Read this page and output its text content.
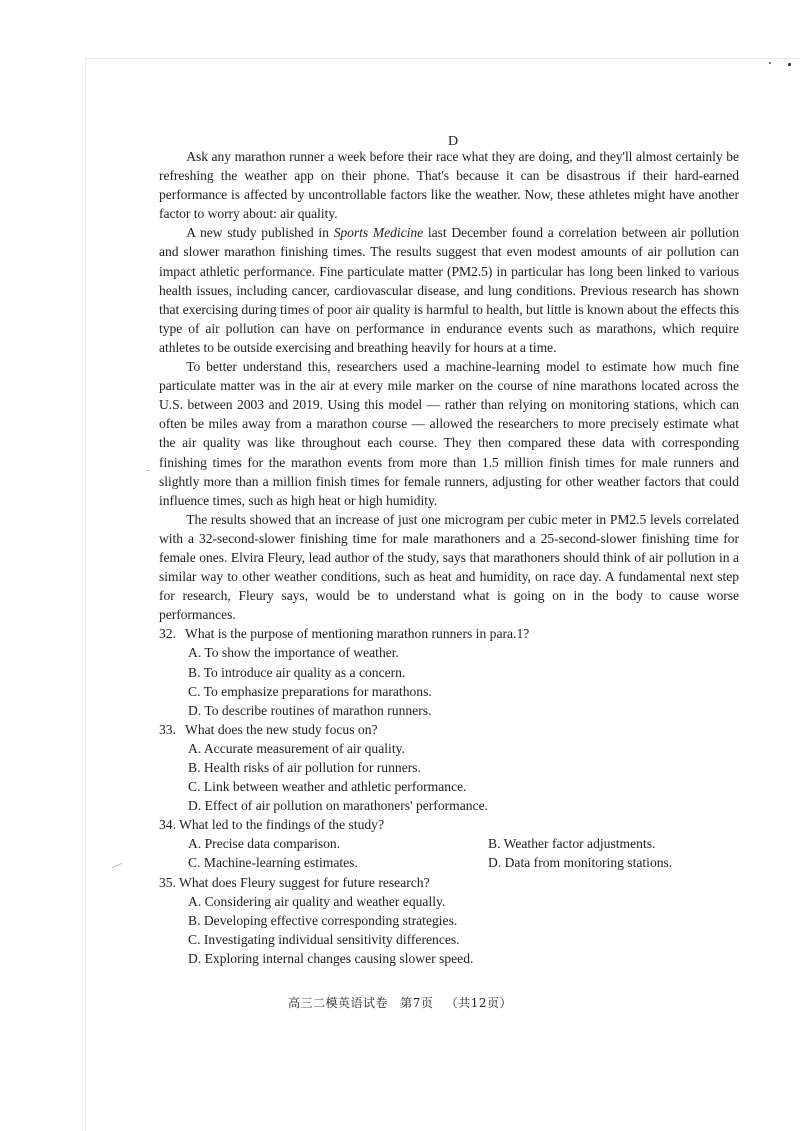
D

Ask any marathon runner a week before their race what they are doing, and they'll almost certainly be refreshing the weather app on their phone. That's because it can be disastrous if their hard-earned performance is affected by uncontrollable factors like the weather. Now, these athletes might have another factor to worry about: air quality.

A new study published in Sports Medicine last December found a correlation between air pollution and slower marathon finishing times. The results suggest that even modest amounts of air pollution can impact athletic performance. Fine particulate matter (PM2.5) in particular has long been linked to various health issues, including cancer, cardiovascular disease, and lung conditions. Previous research has shown that exercising during times of poor air quality is harmful to health, but little is known about the effects this type of air pollution can have on performance in endurance events such as marathons, which require athletes to be outside exercising and breathing heavily for hours at a time.

To better understand this, researchers used a machine-learning model to estimate how much fine particulate matter was in the air at every mile marker on the course of nine marathons located across the U.S. between 2003 and 2019. Using this model — rather than relying on monitoring stations, which can often be miles away from a marathon course — allowed the researchers to more precisely estimate what the air quality was like throughout each course. They then compared these data with corresponding finishing times for the marathon events from more than 1.5 million finish times for male runners and slightly more than a million finish times for female runners, adjusting for other weather factors that could influence times, such as high heat or high humidity.

The results showed that an increase of just one microgram per cubic meter in PM2.5 levels correlated with a 32-second-slower finishing time for male marathoners and a 25-second-slower finishing time for female ones. Elvira Fleury, lead author of the study, says that marathoners should think of air pollution in a similar way to other weather conditions, such as heat and humidity, on race day. A fundamental next step for research, Fleury says, would be to understand what is going on in the body to cause worse performances.

32. What is the purpose of mentioning marathon runners in para.1?

A. To show the importance of weather.

B. To introduce air quality as a concern.

C. To emphasize preparations for marathons.

D. To describe routines of marathon runners.

33. What does the new study focus on?

A. Accurate measurement of air quality.

B. Health risks of air pollution for runners.

C. Link between weather and athletic performance.

D. Effect of air pollution on marathoners' performance.

34. What led to the findings of the study?

A. Precise data comparison.	B. Weather factor adjustments.

C. Machine-learning estimates.	D. Data from monitoring stations.

35. What does Fleury suggest for future research?

A. Considering air quality and weather equally.

B. Developing effective corresponding strategies.

C. Investigating individual sensitivity differences.

D. Exploring internal changes causing slower speed.

高三二模英语试卷 第7页 （共12页）
